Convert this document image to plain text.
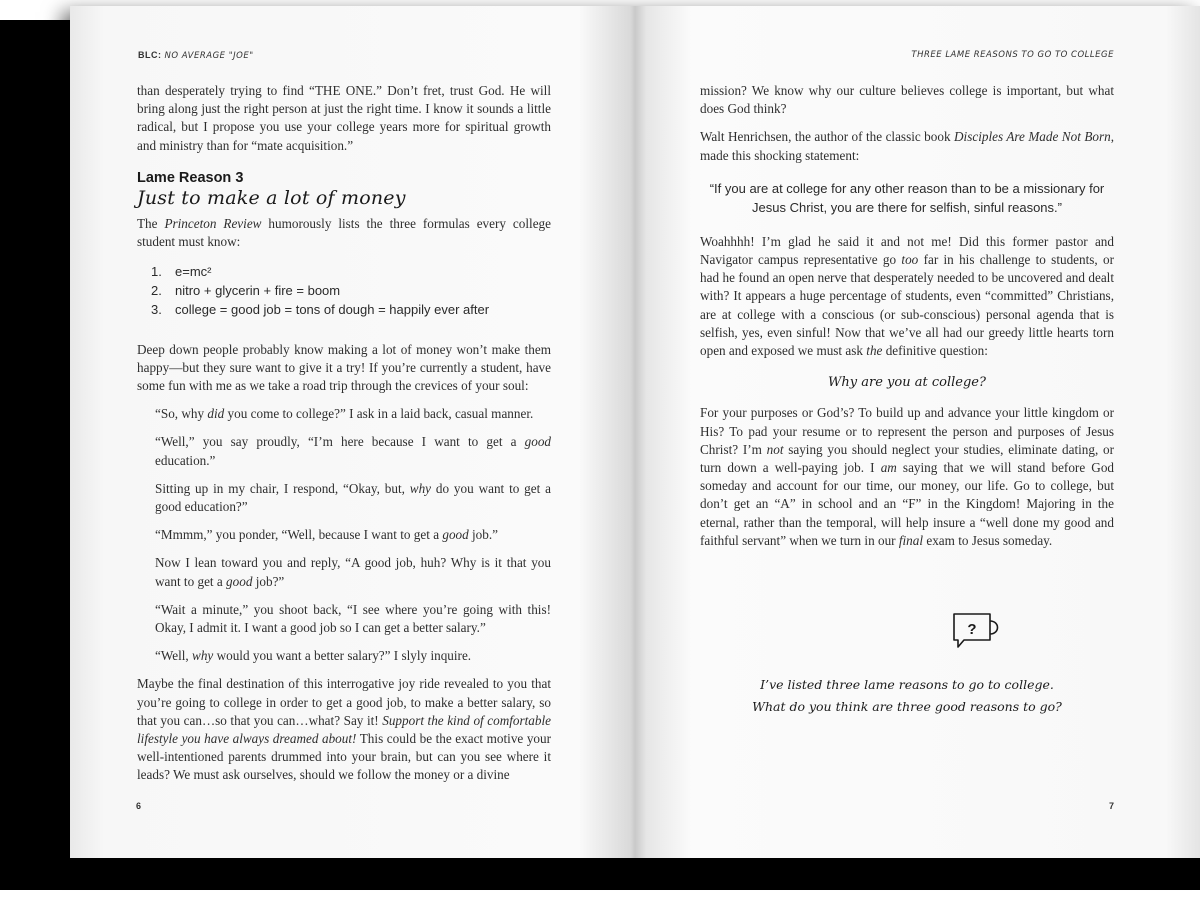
BLC: NO AVERAGE "JOE"

than desperately trying to find “THE ONE.” Don’t fret, trust God. He will bring along just the right person at just the right time. I know it sounds a little radical, but I propose you use your college years more for spiritual growth and ministry than for “mate acquisition.”

Lame Reason 3

Just to make a lot of money

The Princeton Review humorously lists the three formulas every college student must know:

1.	e=mc²
2.	nitro + glycerin + fire = boom
3.	college = good job = tons of dough = happily ever after

Deep down people probably know making a lot of money won’t make them happy—but they sure want to give it a try! If you’re currently a student, have some fun with me as we take a road trip through the crevices of your soul:

“So, why did you come to college?” I ask in a laid back, casual manner.

“Well,” you say proudly, “I’m here because I want to get a good education.”

Sitting up in my chair, I respond, “Okay, but, why do you want to get a good education?”

“Mmmm,” you ponder, “Well, because I want to get a good job.”

Now I lean toward you and reply, “A good job, huh? Why is it that you want to get a good job?”

“Wait a minute,” you shoot back, “I see where you’re going with this! Okay, I admit it. I want a good job so I can get a better salary.”

“Well, why would you want a better salary?” I slyly inquire.

Maybe the final destination of this interrogative joy ride revealed to you that you’re going to college in order to get a good job, to make a better salary, so that you can…so that you can…what? Say it! Support the kind of comfortable lifestyle you have always dreamed about! This could be the exact motive your well-intentioned parents drummed into your brain, but can you see where it leads? We must ask ourselves, should we follow the money or a divine

6
THREE LAME REASONS TO GO TO COLLEGE

mission? We know why our culture believes college is important, but what does God think?

Walt Henrichsen, the author of the classic book Disciples Are Made Not Born, made this shocking statement:

“If you are at college for any other reason than to be a missionary for Jesus Christ, you are there for selfish, sinful reasons.”

Woahhhh! I’m glad he said it and not me! Did this former pastor and Navigator campus representative go too far in his challenge to students, or had he found an open nerve that desperately needed to be uncovered and dealt with? It appears a huge percentage of students, even “committed” Christians, are at college with a conscious (or sub-conscious) personal agenda that is selfish, yes, even sinful! Now that we’ve all had our greedy little hearts torn open and exposed we must ask the definitive question:

Why are you at college?

For your purposes or God’s? To build up and advance your little kingdom or His? To pad your resume or to represent the person and purposes of Jesus Christ? I’m not saying you should neglect your studies, eliminate dating, or turn down a well-paying job. I am saying that we will stand before God someday and account for our time, our money, our life. Go to college, but don’t get an “A” in school and an “F” in the Kingdom! Majoring in the eternal, rather than the temporal, will help insure a “well done my good and faithful servant” when we turn in our final exam to Jesus someday.

?
I’ve listed three lame reasons to go to college.
What do you think are three good reasons to go?
7
